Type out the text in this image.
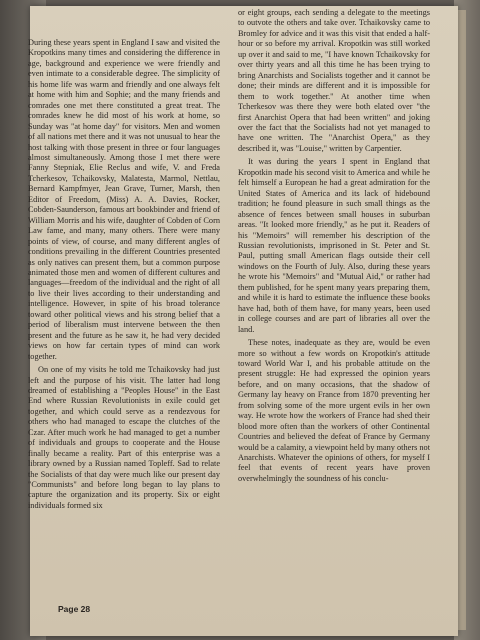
During these years spent in England I saw and visited the Kropotkins many times and considering the difference in age, background and experience we were friendly and even intimate to a considerable degree. The simplicity of his home life was warm and friendly and one always felt at home with him and Sophie; and the many friends and comrades one met there constituted a great treat. The comrades knew he did most of his work at home, so Sunday was "at home day" for visitors. Men and women of all nations met there and it was not unusual to hear the host talking with those present in three or four languages almost simultaneously. Among those I met there were Fanny Stepniak, Elie Reclus and wife, V. and Freda Tcherkesov, Tchaikovsky, Malatesta, Marmol, Nettlau, Bernard Kampfmyer, Jean Grave, Turner, Marsh, then Editor of Freedom, (Miss) A. A. Davies, Rocker, Cobden-Saunderson, famous art bookbinder and friend of William Morris and his wife, daughter of Cobden of Corn Law fame, and many, many others. There were many points of view, of course, and many different angles of conditions prevailing in the different Countries presented as only natives can present them, but a common purpose animated those men and women of different cultures and languages—freedom of the individual and the right of all to live their lives according to their understanding and intelligence. However, in spite of his broad tolerance toward other political views and his strong belief that a period of liberalism must intervene between the then present and the future as he saw it, he had very decided views on how far certain types of mind can work together.

On one of my visits he told me Tchaikovsky had just left and the purpose of his visit. The latter had long dreamed of establishing a "Peoples House" in the East End where Russian Revolutionists in exile could get together, and which could serve as a rendezvous for others who had managed to escape the clutches of the Czar. After much work he had managed to get a number of individuals and groups to cooperate and the House finally became a reality. Part of this enterprise was a library owned by a Russian named Topleff. Sad to relate the Socialists of that day were much like our present day "Communists" and before long began to lay plans to capture the organization and its property. Six or eight individuals formed six

or eight groups, each sending a delegate to the meetings to outvote the others and take over. Tchaikovsky came to Bromley for advice and it was this visit that ended a half-hour or so before my arrival. Kropotkin was still worked up over it and said to me, "I have known Tchaikovsky for over thirty years and all this time he has been trying to bring Anarchists and Socialists together and it cannot be done; their minds are different and it is impossible for them to work together." At another time when Tcherkesov was there they were both elated over "the first Anarchist Opera that had been written" and joking over the fact that the Socialists had not yet managed to have one written. The "Anarchist Opera," as they described it, was "Louise," written by Carpentier.

It was during the years I spent in England that Kropotkin made his second visit to America and while he felt himself a European he had a great admiration for the United States of America and its lack of hidebound tradition; he found pleasure in such small things as the absence of fences between small houses in suburban areas. "It looked more friendly," as he put it. Readers of his "Memoirs" will remember his description of the Russian revolutionists, imprisoned in St. Peter and St. Paul, putting small American flags outside their cell windows on the Fourth of July. Also, during these years he wrote his "Memoirs" and "Mutual Aid," or rather had them published, for he spent many years preparing them, and while it is hard to estimate the influence these books have had, both of them have, for many years, been used in college courses and are part of libraries all over the land.

These notes, inadequate as they are, would be even more so without a few words on Kropotkin's attitude toward World War I, and his probable attitude on the present struggle: He had expressed the opinion years before, and on many occasions, that the shadow of Germany lay heavy on France from 1870 preventing her from solving some of the more urgent evils in her own way. He wrote how the workers of France had shed their blood more often than the workers of other Continental Countries and believed the defeat of France by Germany would be a calamity, a viewpoint held by many others not Anarchists. Whatever the opinions of others, for myself I feel that events of recent years have proven overwhelmingly the soundness of his conclu-

Page 28
